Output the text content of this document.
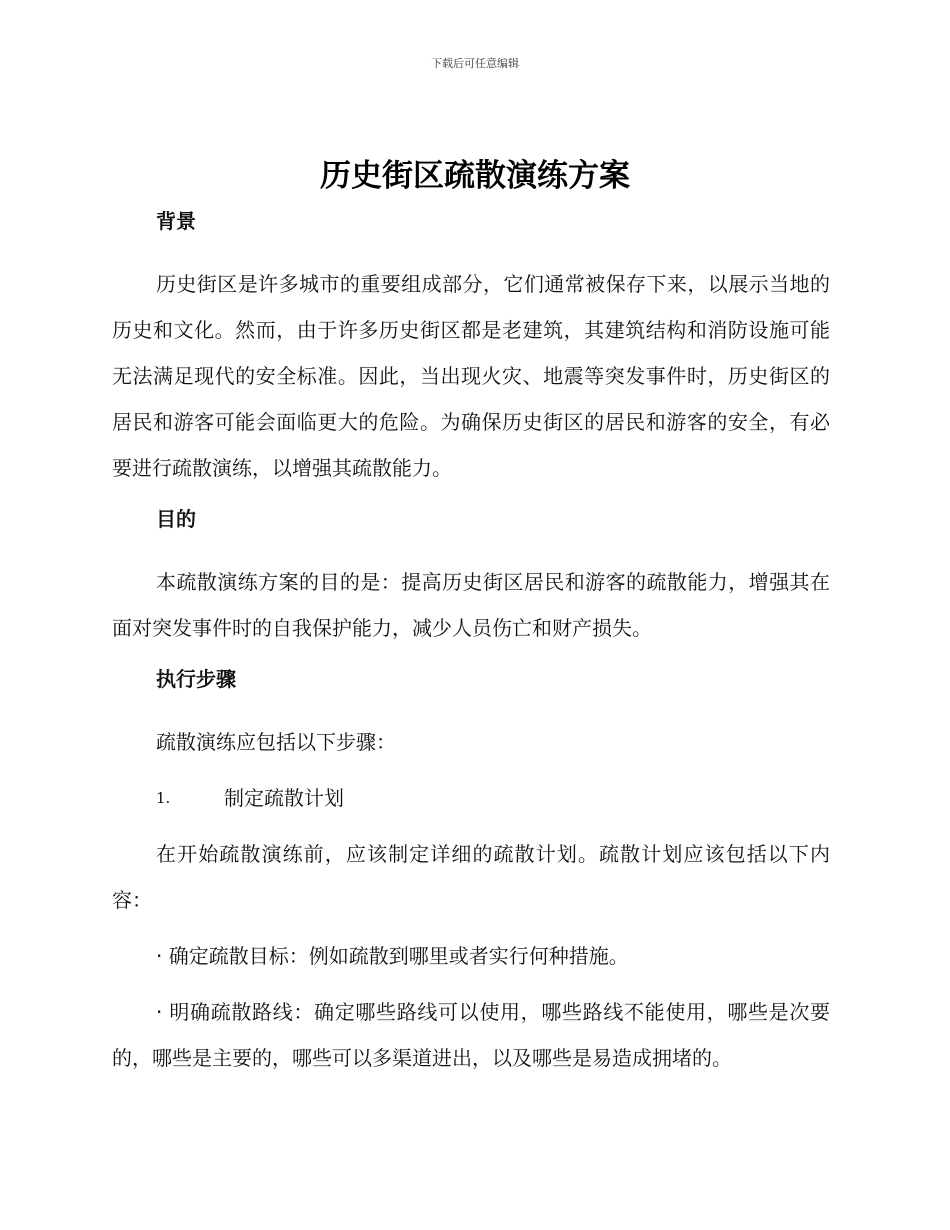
下载后可任意编辑
历史街区疏散演练方案

背景

历史街区是许多城市的重要组成部分，它们通常被保存下来，以展示当地的历史和文化。然而，由于许多历史街区都是老建筑，其建筑结构和消防设施可能无法满足现代的安全标准。因此，当出现火灾、地震等突发事件时，历史街区的居民和游客可能会面临更大的危险。为确保历史街区的居民和游客的安全，有必要进行疏散演练，以增强其疏散能力。

目的

本疏散演练方案的目的是：提高历史街区居民和游客的疏散能力，增强其在面对突发事件时的自我保护能力，减少人员伤亡和财产损失。

执行步骤

疏散演练应包括以下步骤：

1.	制定疏散计划

在开始疏散演练前，应该制定详细的疏散计划。疏散计划应该包括以下内容：

· 确定疏散目标：例如疏散到哪里或者实行何种措施。

· 明确疏散路线：确定哪些路线可以使用，哪些路线不能使用，哪些是次要的，哪些是主要的，哪些可以多渠道进出，以及哪些是易造成拥堵的。
